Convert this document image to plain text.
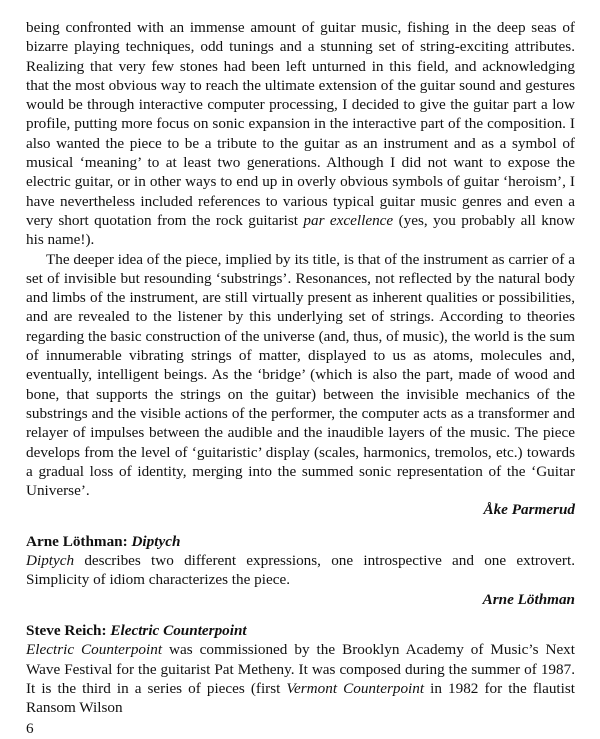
being confronted with an immense amount of guitar music, fishing in the deep seas of bizarre playing techniques, odd tunings and a stunning set of string-exciting attributes. Realizing that very few stones had been left unturned in this field, and acknowledging that the most obvious way to reach the ultimate extension of the guitar sound and gestures would be through interactive computer processing, I decided to give the guitar part a low profile, putting more focus on sonic expansion in the interactive part of the composition. I also wanted the piece to be a tribute to the guitar as an instrument and as a symbol of musical ‘meaning’ to at least two generations. Although I did not want to expose the electric guitar, or in other ways to end up in overly obvious symbols of guitar ‘heroism’, I have nevertheless included references to various typical guitar music genres and even a very short quotation from the rock guitarist par excellence (yes, you probably all know his name!).

The deeper idea of the piece, implied by its title, is that of the instrument as carrier of a set of invisible but resounding ‘substrings’. Resonances, not reflected by the natural body and limbs of the instrument, are still virtually present as inherent qualities or possibilities, and are revealed to the listener by this underlying set of strings. According to theories regarding the basic construction of the universe (and, thus, of music), the world is the sum of innumerable vibrating strings of matter, displayed to us as atoms, molecules and, eventually, intelligent beings. As the ‘bridge’ (which is also the part, made of wood and bone, that supports the strings on the guitar) between the invisible mechanics of the substrings and the visible actions of the performer, the computer acts as a transformer and relayer of impulses between the audible and the inaudible layers of the music. The piece develops from the level of ‘guitaristic’ display (scales, harmonics, tremolos, etc.) towards a gradual loss of identity, merging into the summed sonic representation of the ‘Guitar Universe’.

Åke Parmerud

Arne Löthman: Diptych

Diptych describes two different expressions, one introspective and one extrovert. Simplicity of idiom characterizes the piece.

Arne Löthman

Steve Reich: Electric Counterpoint

Electric Counterpoint was commissioned by the Brooklyn Academy of Music’s Next Wave Festival for the guitarist Pat Metheny. It was composed during the summer of 1987. It is the third in a series of pieces (first Vermont Counterpoint in 1982 for the flautist Ransom Wilson

6
